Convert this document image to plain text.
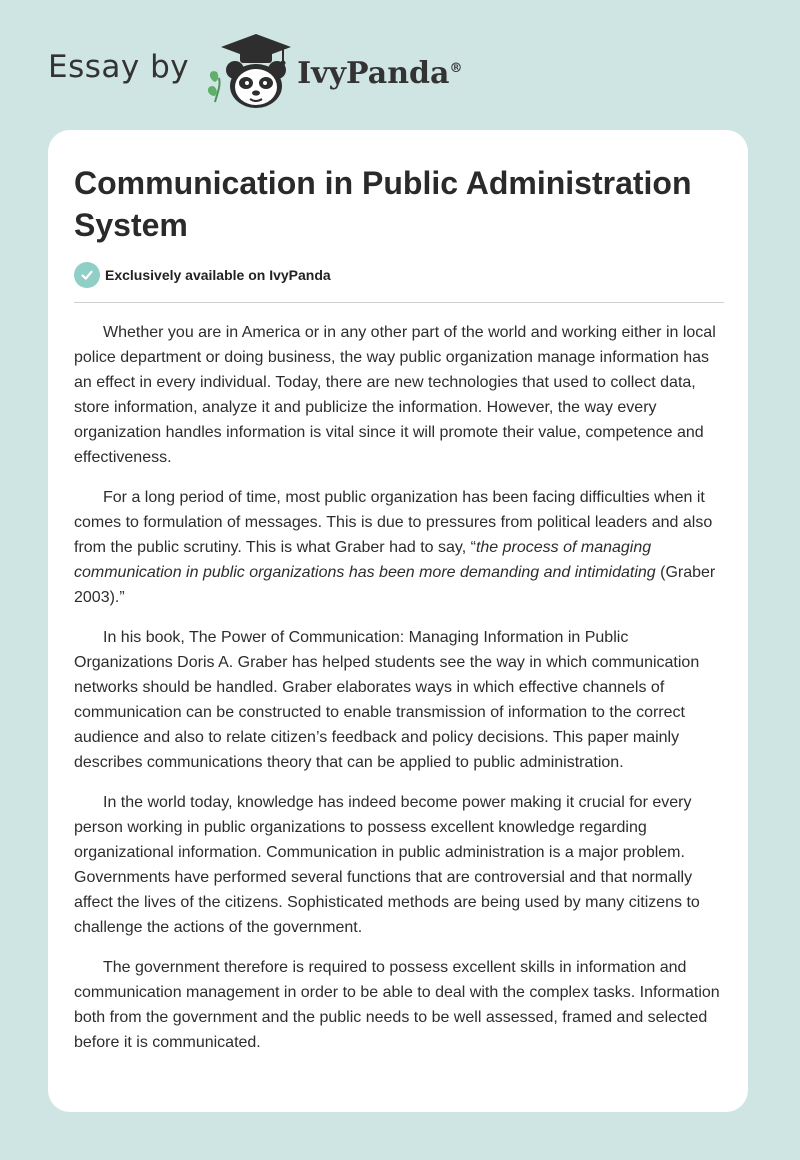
Essay by	IvyPanda®
Communication in Public Administration System
Exclusively available on IvyPanda

Whether you are in America or in any other part of the world and working either in local police department or doing business, the way public organization manage information has an effect in every individual. Today, there are new technologies that used to collect data, store information, analyze it and publicize the information. However, the way every organization handles information is vital since it will promote their value, competence and effectiveness.

For a long period of time, most public organization has been facing difficulties when it comes to formulation of messages. This is due to pressures from political leaders and also from the public scrutiny. This is what Graber had to say, “the process of managing communication in public organizations has been more demanding and intimidating (Graber 2003).”

In his book, The Power of Communication: Managing Information in Public Organizations Doris A. Graber has helped students see the way in which communication networks should be handled. Graber elaborates ways in which effective channels of communication can be constructed to enable transmission of information to the correct audience and also to relate citizen’s feedback and policy decisions. This paper mainly describes communications theory that can be applied to public administration.

In the world today, knowledge has indeed become power making it crucial for every person working in public organizations to possess excellent knowledge regarding organizational information. Communication in public administration is a major problem. Governments have performed several functions that are controversial and that normally affect the lives of the citizens. Sophisticated methods are being used by many citizens to challenge the actions of the government.

The government therefore is required to possess excellent skills in information and communication management in order to be able to deal with the complex tasks. Information both from the government and the public needs to be well assessed, framed and selected before it is communicated.
